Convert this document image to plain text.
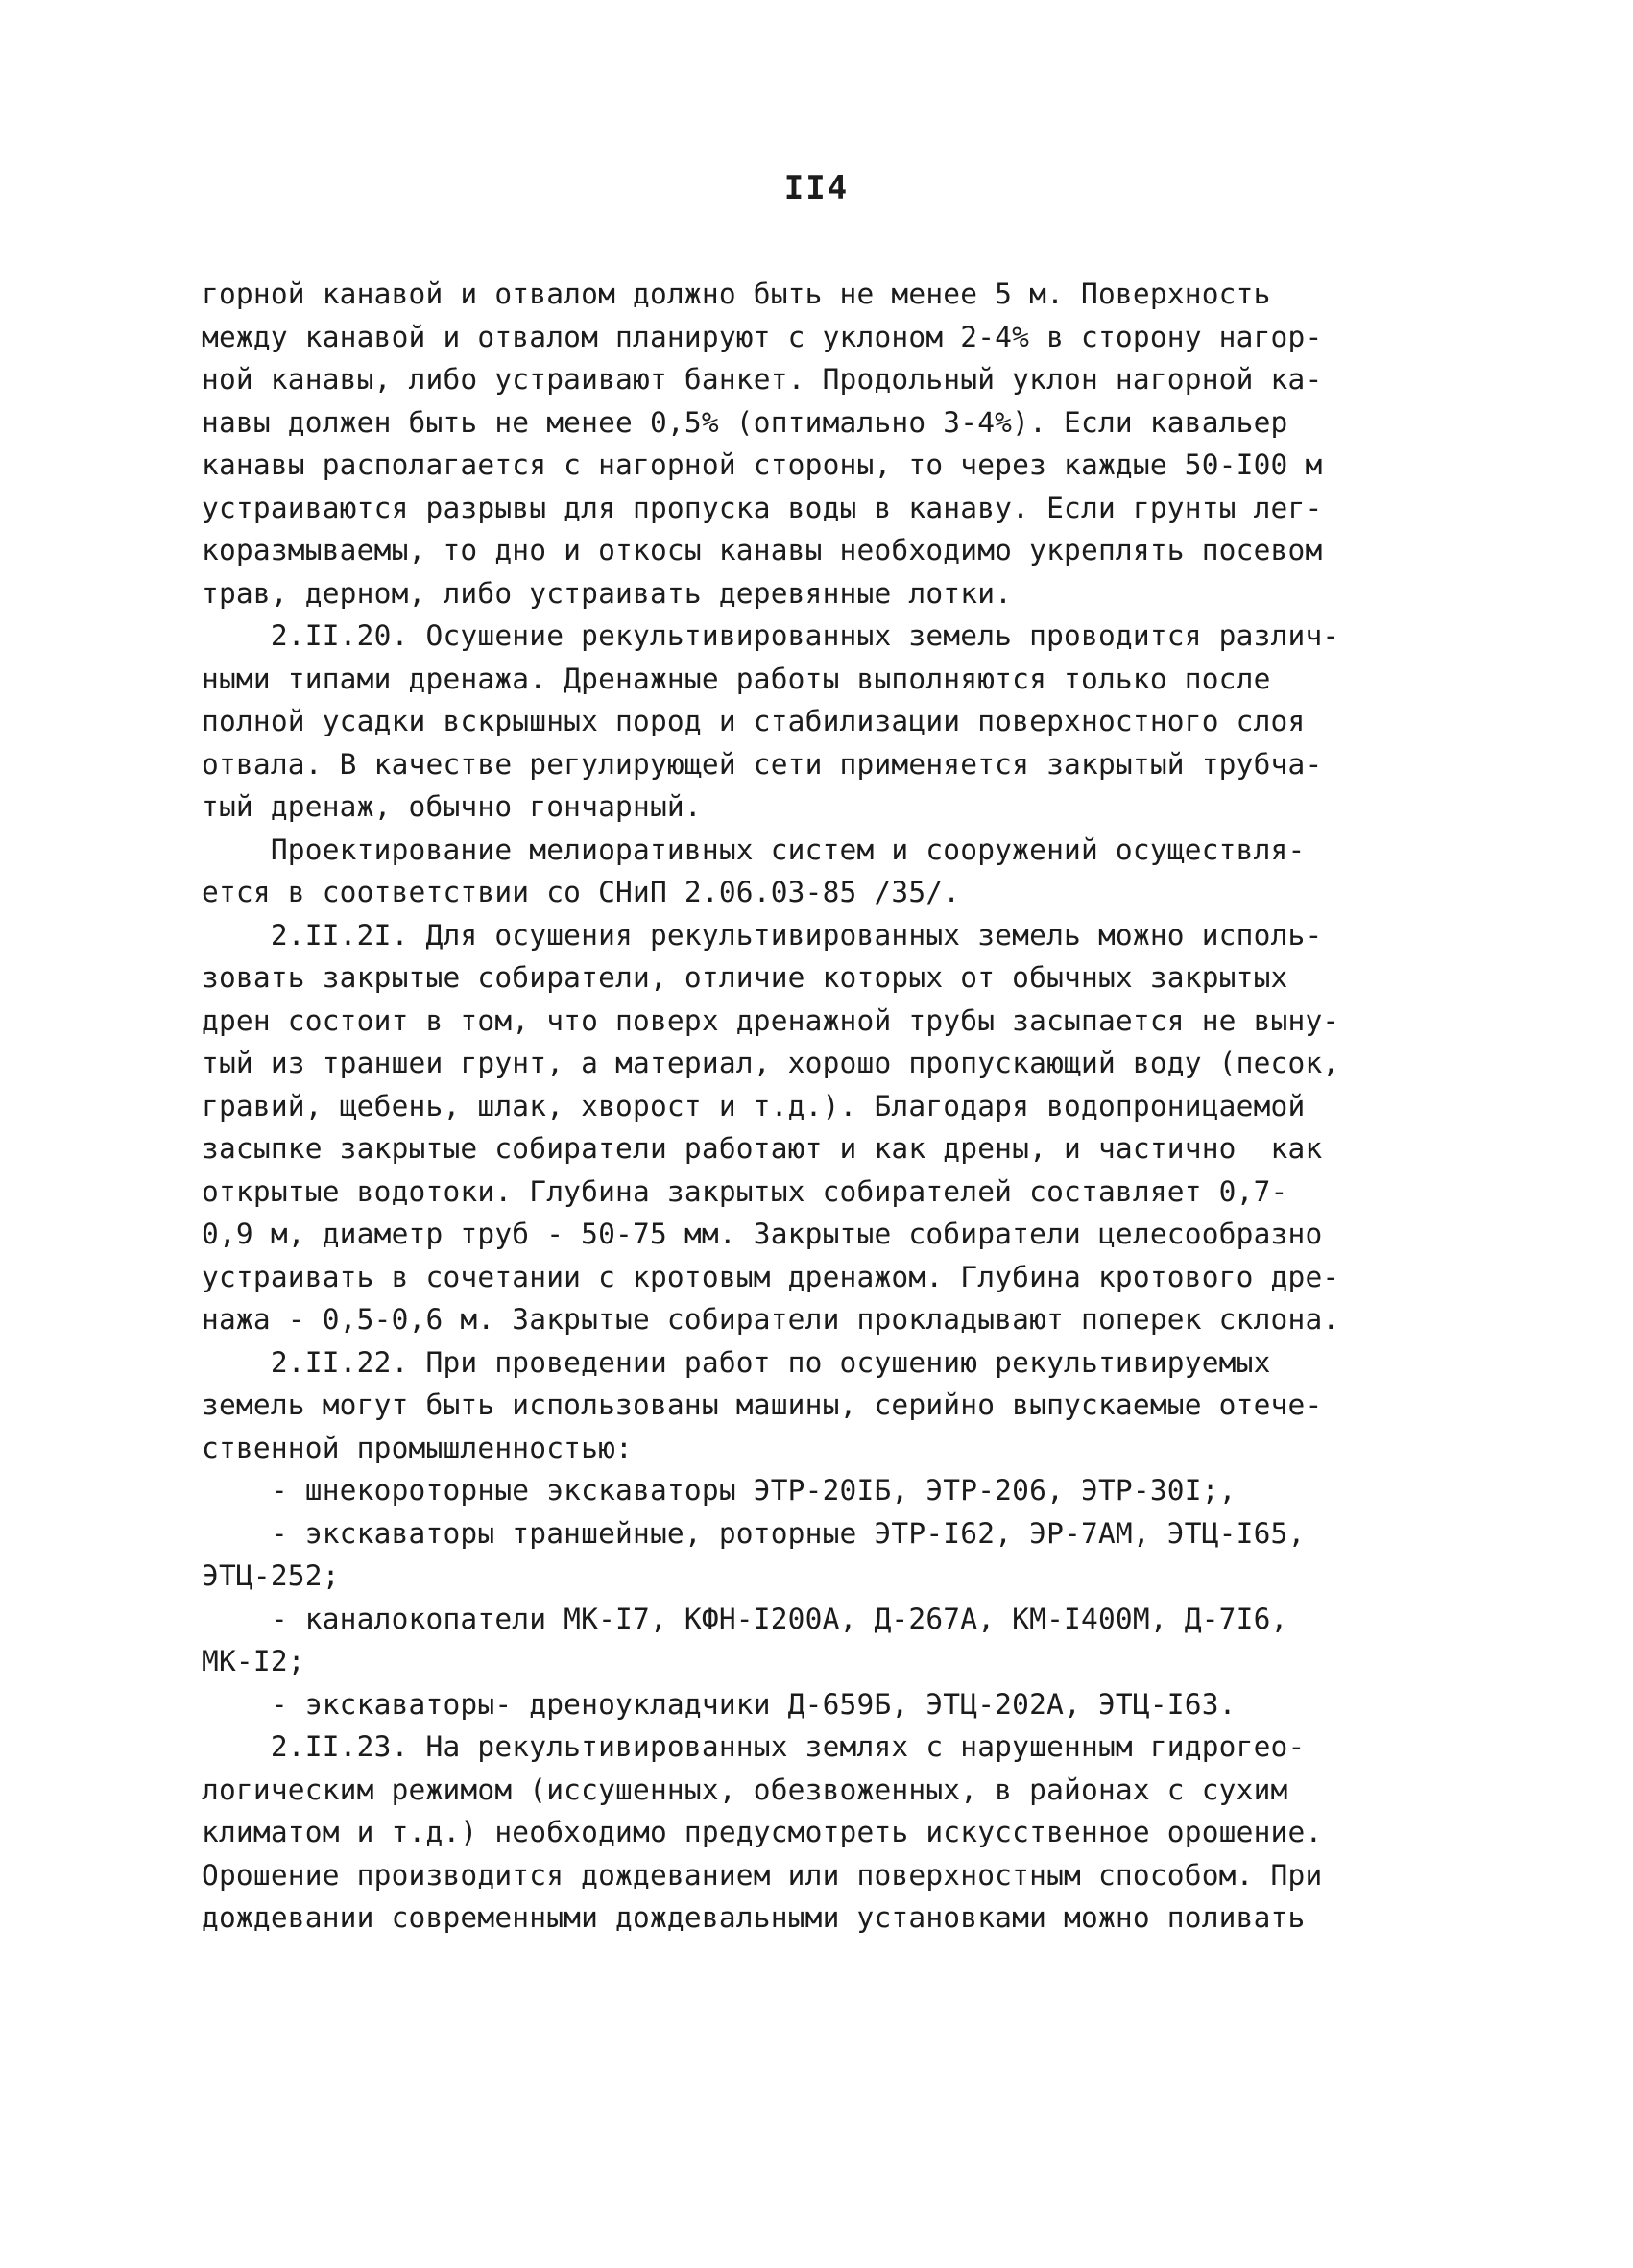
II4
горной канавой и отвалом должно быть не менее 5 м. Поверхность
между канавой и отвалом планируют с уклоном 2-4% в сторону нагор-
ной канавы, либо устраивают банкет. Продольный уклон нагорной ка-
навы должен быть не менее 0,5% (оптимально 3-4%). Если кавальер
канавы располагается с нагорной стороны, то через каждые 50-I00 м
устраиваются разрывы для пропуска воды в канаву. Если грунты лег-
коразмываемы, то дно и откосы канавы необходимо укреплять посевом
трав, дерном, либо устраивать деревянные лотки.
2.II.20. Осушение рекультивированных земель проводится различ-
ными типами дренажа. Дренажные работы выполняются только после
полной усадки вскрышных пород и стабилизации поверхностного слоя
отвала. В качестве регулирующей сети применяется закрытый трубча-
тый дренаж, обычно гончарный.
Проектирование мелиоративных систем и сооружений осуществля-
ется в соответствии со СНиП 2.06.03-85 /35/.
2.II.2I. Для осушения рекультивированных земель можно исполь-
зовать закрытые собиратели, отличие которых от обычных закрытых
дрен состоит в том, что поверх дренажной трубы засыпается не выну-
тый из траншеи грунт, а материал, хорошо пропускающий воду (песок,
гравий, щебень, шлак, хворост и т.д.). Благодаря водопроницаемой
засыпке закрытые собиратели работают и как дрены, и частично  как
открытые водотоки. Глубина закрытых собирателей составляет 0,7-
0,9 м, диаметр труб - 50-75 мм. Закрытые собиратели целесообразно
устраивать в сочетании с кротовым дренажом. Глубина кротового дре-
нажа - 0,5-0,6 м. Закрытые собиратели прокладывают поперек склона.
2.II.22. При проведении работ по осушению рекультивируемых
земель могут быть использованы машины, серийно выпускаемые отече-
ственной промышленностью:
- шнекороторные экскаваторы ЭТР-20IБ, ЭТР-206, ЭТР-30I;,
- экскаваторы траншейные, роторные ЭТР-I62, ЭР-7АМ, ЭТЦ-I65,
ЭТЦ-252;
- каналокопатели МК-I7, КФН-I200А, Д-267А, КМ-I400М, Д-7I6,
МК-I2;
- экскаваторы- дреноукладчики Д-659Б, ЭТЦ-202А, ЭТЦ-I63.
2.II.23. На рекультивированных землях с нарушенным гидрогео-
логическим режимом (иссушенных, обезвоженных, в районах с сухим
климатом и т.д.) необходимо предусмотреть искусственное орошение.
Орошение производится дождеванием или поверхностным способом. При
дождевании современными дождевальными установками можно поливать
